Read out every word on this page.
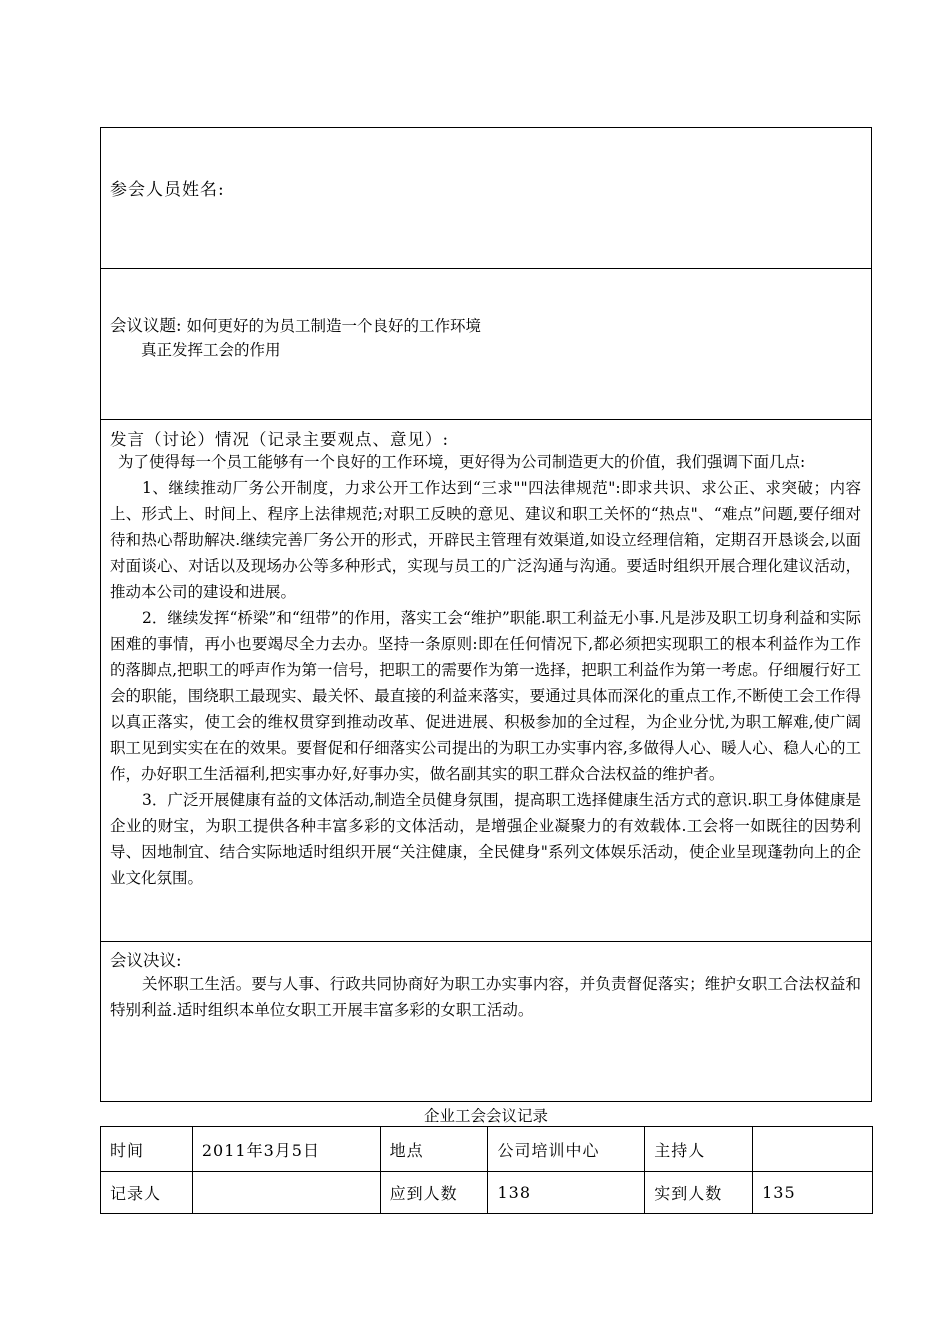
参会人员姓名:
会议议题: 如何更好的为员工制造一个良好的工作环境
真正发挥工会的作用
发言（讨论）情况（记录主要观点、意见）:

为了使得每一个员工能够有一个良好的工作环境，更好得为公司制造更大的价值，我们强调下面几点:

1、继续推动厂务公开制度，力求公开工作达到“三求""四法律规范":即求共识、求公正、求突破；内容上、形式上、时间上、程序上法律规范;对职工反映的意见、建议和职工关怀的“热点"、“难点”问题,要仔细对待和热心帮助解决.继续完善厂务公开的形式，开辟民主管理有效渠道,如设立经理信箱，定期召开恳谈会,以面对面谈心、对话以及现场办公等多种形式，实现与员工的广泛沟通与沟通。要适时组织开展合理化建议活动，推动本公司的建设和进展。

2．继续发挥“桥梁”和“纽带”的作用，落实工会“维护”职能.职工利益无小事.凡是涉及职工切身利益和实际困难的事情，再小也要竭尽全力去办。坚持一条原则:即在任何情况下,都必须把实现职工的根本利益作为工作的落脚点,把职工的呼声作为第一信号，把职工的需要作为第一选择，把职工利益作为第一考虑。仔细履行好工会的职能，围绕职工最现实、最关怀、最直接的利益来落实，要通过具体而深化的重点工作,不断使工会工作得以真正落实，使工会的维权贯穿到推动改革、促进进展、积极参加的全过程，为企业分忧,为职工解难,使广阔职工见到实实在在的效果。要督促和仔细落实公司提出的为职工办实事内容,多做得人心、暖人心、稳人心的工作，办好职工生活福利,把实事办好,好事办实，做名副其实的职工群众合法权益的维护者。

3．广泛开展健康有益的文体活动,制造全员健身氛围，提高职工选择健康生活方式的意识.职工身体健康是企业的财宝，为职工提供各种丰富多彩的文体活动，是增强企业凝聚力的有效载体.工会将一如既往的因势利导、因地制宜、结合实际地适时组织开展“关注健康，全民健身"系列文体娱乐活动，使企业呈现蓬勃向上的企业文化氛围。

会议决议:

关怀职工生活。要与人事、行政共同协商好为职工办实事内容，并负责督促落实；维护女职工合法权益和特别利益.适时组织本单位女职工开展丰富多彩的女职工活动。

企业工会会议记录
时间	2011年3月5日	地点	公司培训中心	主持人	
记录人		应到人数	138	实到人数	135
